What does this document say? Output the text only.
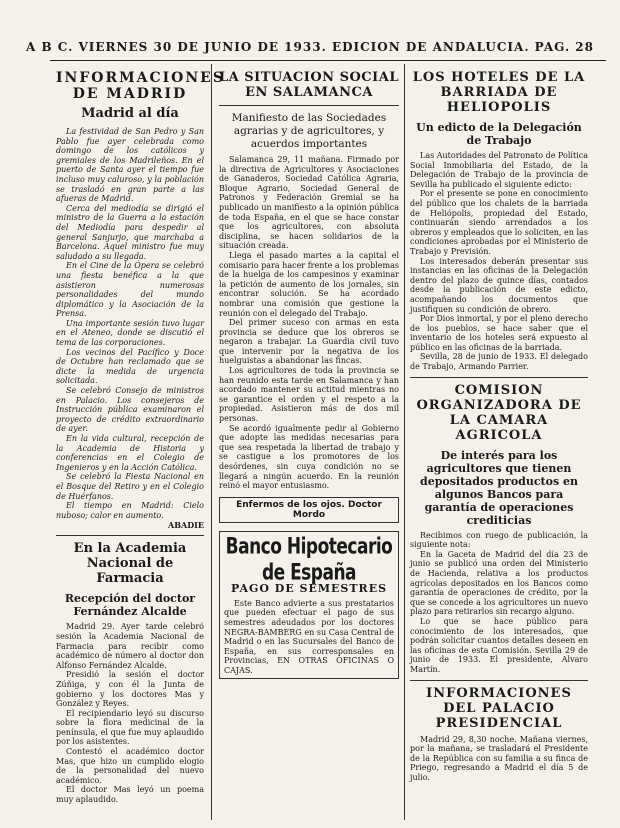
A B C. VIERNES 30 DE JUNIO DE 1933. EDICION DE ANDALUCIA. PAG. 28
INFORMACIONES DE MADRID
Madrid al día

La festividad de San Pedro y San Pablo fue ayer celebrada como domingo de los católicos y gremiales de los Madrileños. En el puerto de Santa ayer el tiempo fue incluso muy caluroso, y la población se trasladó en gran parte a las afueras de Madrid.

Cerca del mediodía se dirigió el ministro de la Guerra a la estación del Mediodía para despedir al general Sanjurjo, que marchaba a Barcelona. Aquel ministro fue muy saludado a su llegada.

En el Cine de la Ópera se celebró una fiesta benéfica a la que asistieron numerosas personalidades del mundo diplomático y la Asociación de la Prensa.

Una importante sesión tuvo lugar en el Ateneo, donde se discutió el tema de las corporaciones.

Los vecinos del Pacífico y Doce de Octubre han reclamado que se dicte la medida de urgencia solicitada.

Se celebró Consejo de ministros en Palacio. Los consejeros de Instrucción pública examinaron el proyecto de crédito extraordinario de ayer.

En la vida cultural, recepción de la Academia de Historia y conferencias en el Colegio de Ingenieros y en la Acción Católica.

Se celebró la Fiesta Nacional en el Bosque del Retiro y en el Colegio de Huérfanos.

El tiempo en Madrid: Cielo nuboso; calor en aumento.

ABADIE
En la Academia Nacional de Farmacia
Recepción del doctor Fernández Alcalde

Madrid 29. Ayer tarde celebró sesión la Academia Nacional de Farmacia para recibir como académico de número al doctor don Alfonso Fernández Alcalde.

Presidió la sesión el doctor Zúñiga, y con él la Junta de gobierno y los doctores Mas y González y Reyes.

El recipiendario leyó su discurso sobre la flora medicinal de la península, el que fue muy aplaudido por los asistentes.

Contestó el académico doctor Mas, que hizo un cumplido elogio de la personalidad del nuevo académico.

El doctor Mas leyó un poema muy aplaudido.

LA SITUACION SOCIAL EN SALAMANCA
Manifiesto de las Sociedades agrarias y de agricultores, y acuerdos importantes

Salamanca 29, 11 mañana. Firmado por la directiva de Agricultores y Asociaciones de Ganaderos, Sociedad Católica Agraria, Bloque Agrario, Sociedad General de Patronos y Federación Gremial se ha publicado un manifiesto a la opinión pública de toda España, en el que se hace constar que los agricultores, con absoluta disciplina, se hacen solidarios de la situación creada.

Llega el pasado martes a la capital el comisario para hacer frente a los problemas de la huelga de los campesinos y examinar la petición de aumento de los jornales, sin encontrar solución. Se ha acordado nombrar una comisión que gestione la reunión con el delegado del Trabajo.

Del primer suceso con armas en esta provincia se deduce que los obreros se negaron a trabajar. La Guardia civil tuvo que intervenir por la negativa de los huelguistas a abandonar las fincas.

Los agricultores de toda la provincia se han reunido esta tarde en Salamanca y han acordado mantener su actitud mientras no se garantice el orden y el respeto a la propiedad. Asistieron más de dos mil personas.

Se acordó igualmente pedir al Gobierno que adopte las medidas necesarias para que sea respetada la libertad de trabajo y se castigue a los promotores de los desórdenes, sin cuya condición no se llegará a ningún acuerdo. En la reunión reinó el mayor entusiasmo.

Enfermos de los ojos. Doctor Mordo
Banco Hipotecario de España
PAGO DE SEMESTRES

Este Banco advierte a sus prestatarios que pueden efectuar el pago de sus semestres adeudados por los doctores NEGRA-BAMBERG en su Casa Central de Madrid o en las Sucursales del Banco de España, en sus corresponsales en Provincias, EN OTRAS OFICINAS O CAJAS.

LOS HOTELES DE LA BARRIADA DE HELIOPOLIS
Un edicto de la Delegación de Trabajo

Las Autoridades del Patronato de Política Social Inmobiliaria del Estado, de la Delegación de Trabajo de la provincia de Sevilla ha publicado el siguiente edicto:

Por el presente se pone en conocimiento del público que los chalets de la barriada de Heliópolis, propiedad del Estado, continuarán siendo arrendados a los obreros y empleados que lo soliciten, en las condiciones aprobadas por el Ministerio de Trabajo y Previsión.

Los interesados deberán presentar sus instancias en las oficinas de la Delegación dentro del plazo de quince días, contados desde la publicación de este edicto, acompañando los documentos que justifiquen su condición de obrero.

Por Dios inmortal, y por el pleno derecho de los pueblos, se hace saber que el inventario de los hoteles será expuesto al público en las oficinas de la barriada.

Sevilla, 28 de junio de 1933. El delegado de Trabajo, Armando Parrier.

COMISION ORGANIZADORA DE LA CAMARA AGRICOLA
De interés para los agricultores que tienen depositados productos en algunos Bancos para garantía de operaciones crediticias

Recibimos con ruego de publicación, la siguiente nota:

En la Gaceta de Madrid del día 23 de junio se publicó una orden del Ministerio de Hacienda, relativa a los productos agrícolas depositados en los Bancos como garantía de operaciones de crédito, por la que se concede a los agricultores un nuevo plazo para retirarlos sin recargo alguno.

Lo que se hace público para conocimiento de los interesados, que podrán solicitar cuantos detalles deseen en las oficinas de esta Comisión. Sevilla 29 de junio de 1933. El presidente, Alvaro Martín.

INFORMACIONES DEL PALACIO PRESIDENCIAL

Madrid 29, 8,30 noche. Mañana viernes, por la mañana, se trasladará el Presidente de la República con su familia a su finca de Priego, regresando a Madrid el día 5 de julio.
